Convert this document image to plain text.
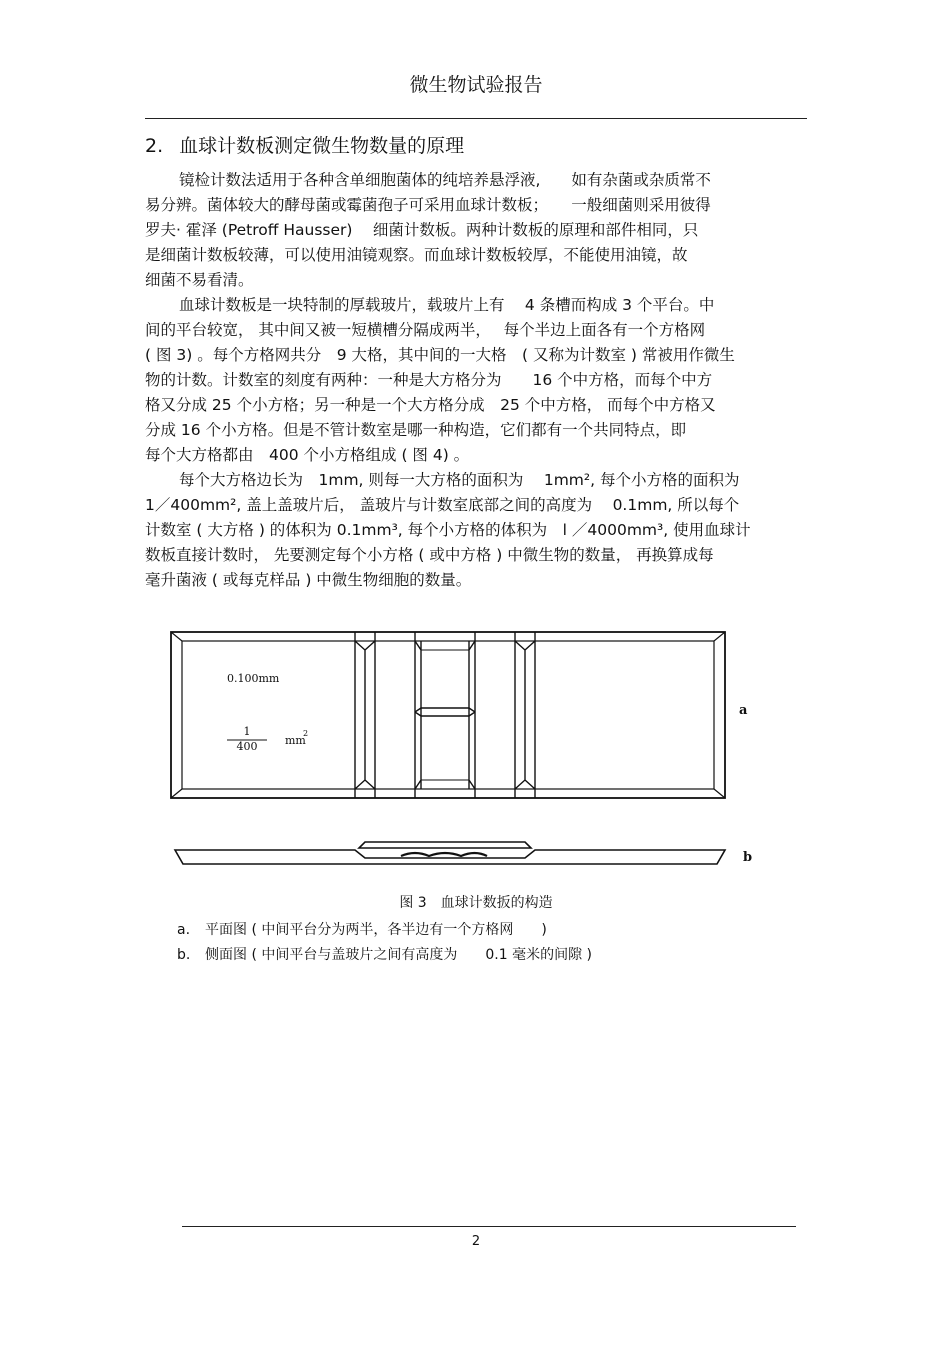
微生物试验报告
2. 血球计数板测定微生物数量的原理

镜检计数法适用于各种含单细胞菌体的纯培养悬浮液,　　如有杂菌或杂质常不

易分辨。菌体较大的酵母菌或霉菌孢子可采用血球计数板；　　一般细菌则采用彼得

罗夫· 霍泽 (Petroff Hausser)　 细菌计数板。两种计数板的原理和部件相同，只

是细菌计数板较薄，可以使用油镜观察。而血球计数板较厚，不能使用油镜，故

细菌不易看清。

血球计数板是一块特制的厚载玻片，载玻片上有　 4 条槽而构成 3 个平台。中

间的平台较宽， 其中间又被一短横槽分隔成两半，　 每个半边上面各有一个方格网

( 图 3) 。每个方格网共分　9 大格，其中间的一大格　( 又称为计数室 ) 常被用作微生

物的计数。计数室的刻度有两种：一种是大方格分为　　16 个中方格，而每个中方

格又分成 25 个小方格；另一种是一个大方格分成　25 个中方格， 而每个中方格又

分成 16 个小方格。但是不管计数室是哪一种构造，它们都有一个共同特点，即

每个大方格都由　400 个小方格组成 ( 图 4) 。

每个大方格边长为　1mm, 则每一大方格的面积为　 1mm², 每个小方格的面积为

1／400mm², 盖上盖玻片后， 盖玻片与计数室底部之间的高度为　 0.1mm, 所以每个

计数室 ( 大方格 ) 的体积为 0.1mm³, 每个小方格的体积为　l ／4000mm³, 使用血球计

数板直接计数时， 先要测定每个小方格 ( 或中方格 ) 中微生物的数量， 再换算成每

毫升菌液 ( 或每克样品 ) 中微生物细胞的数量。

0.100mm
1
400	mm
2
a
b
图 3　 血球计数扳的构造

a. 平面图 ( 中间平台分为两半，各半边有一个方格网　　)

b. 侧面图 ( 中间平台与盖玻片之间有高度为　　0.1 毫米的间隙 )

2
